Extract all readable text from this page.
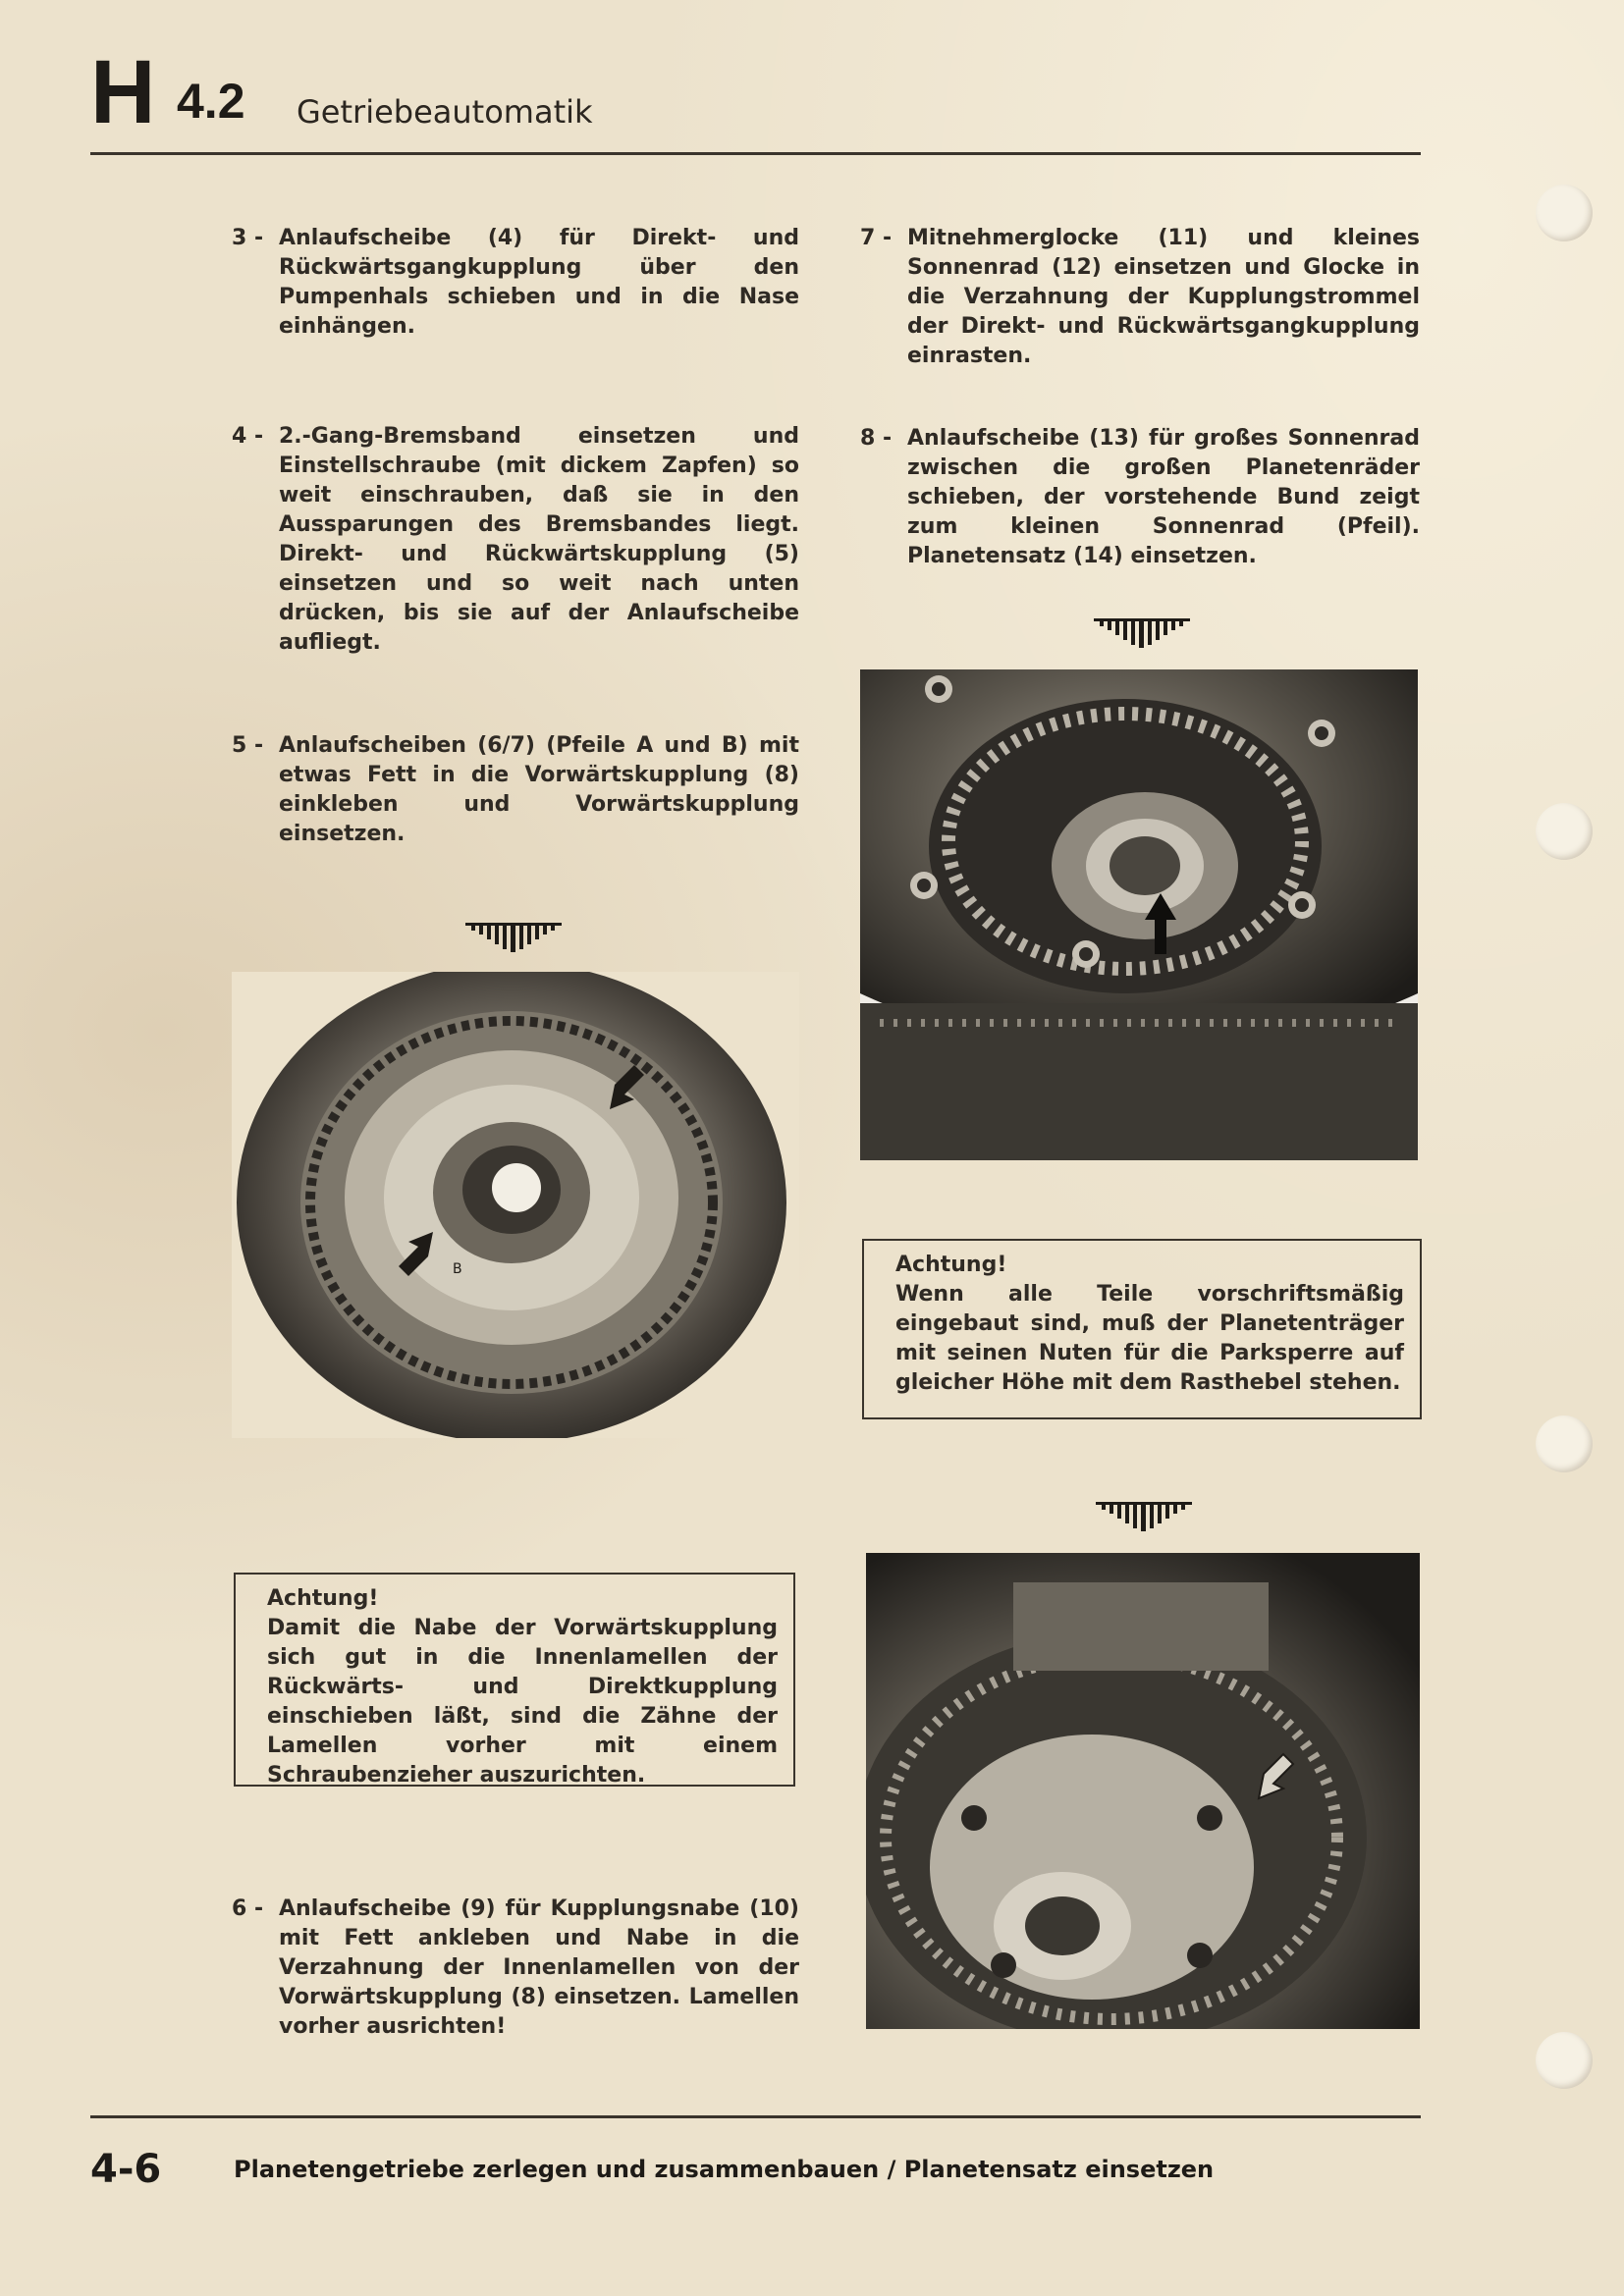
H 4.2 Getriebeautomatik
3 - Anlaufscheibe (4) für Direkt- und Rückwärtsgangkupplung über den Pumpenhals schieben und in die Nase einhängen.
4 - 2.-Gang-Bremsband einsetzen und Einstellschraube (mit dickem Zapfen) so weit einschrauben, daß sie in den Aussparungen des Bremsbandes liegt. Direkt- und Rückwärtskupplung (5) einsetzen und so weit nach unten drücken, bis sie auf der Anlaufscheibe aufliegt.
5 - Anlaufscheiben (6/7) (Pfeile A und B) mit etwas Fett in die Vorwärtskupplung (8) einkleben und Vorwärtskupplung einsetzen.
B
Achtung!
Damit die Nabe der Vorwärtskupplung sich gut in die Innenlamellen der Rückwärts- und Direktkupplung einschieben läßt, sind die Zähne der Lamellen vorher mit einem Schraubenzieher auszurichten.
6 - Anlaufscheibe (9) für Kupplungsnabe (10) mit Fett ankleben und Nabe in die Verzahnung der Innenlamellen von der Vorwärtskupplung (8) einsetzen. Lamellen vorher ausrichten!
7 - Mitnehmerglocke (11) und kleines Sonnenrad (12) einsetzen und Glocke in die Verzahnung der Kupplungstrommel der Direkt- und Rückwärtsgangkupplung einrasten.
8 - Anlaufscheibe (13) für großes Sonnenrad zwischen die großen Planetenräder schieben, der vorstehende Bund zeigt zum kleinen Sonnenrad (Pfeil). Planetensatz (14) einsetzen.
Achtung!
Wenn alle Teile vorschriftsmäßig eingebaut sind, muß der Planetenträger mit seinen Nuten für die Parksperre auf gleicher Höhe mit dem Rasthebel stehen.
4-6	Planetengetriebe zerlegen und zusammenbauen / Planetensatz einsetzen
